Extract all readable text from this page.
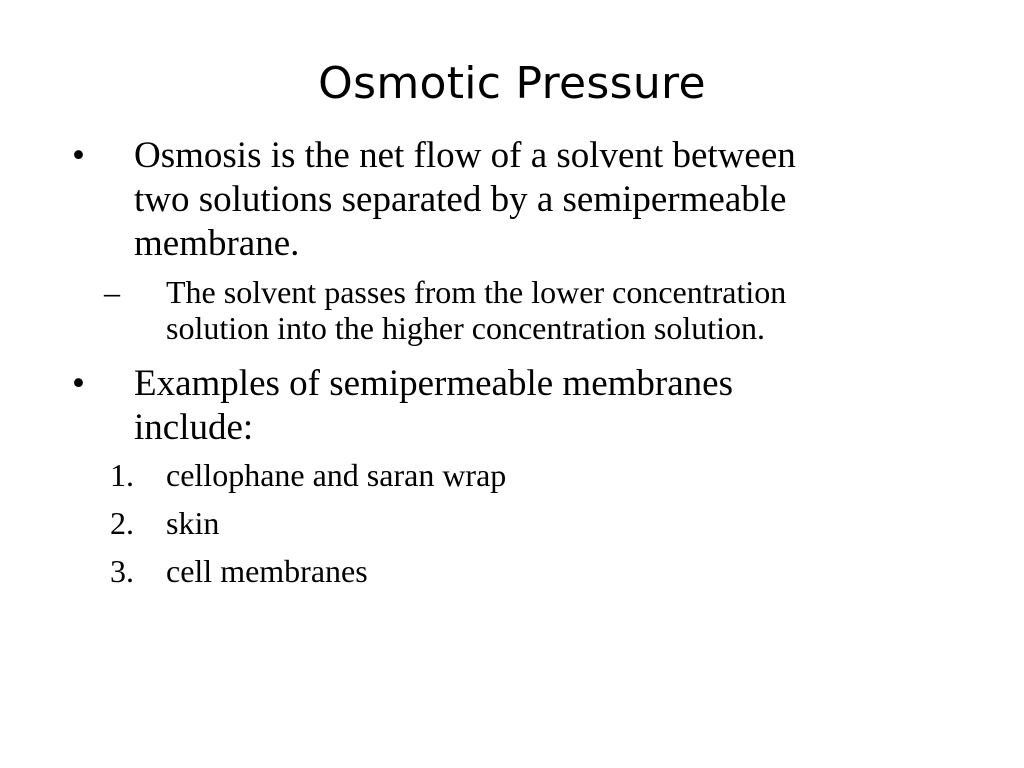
Osmotic Pressure
• Osmosis is the net flow of a solvent between
two solutions separated by a semipermeable
membrane.
– The solvent passes from the lower concentration
solution into the higher concentration solution.
• Examples of semipermeable membranes
include:
1. cellophane and saran wrap
2. skin
3. cell membranes
